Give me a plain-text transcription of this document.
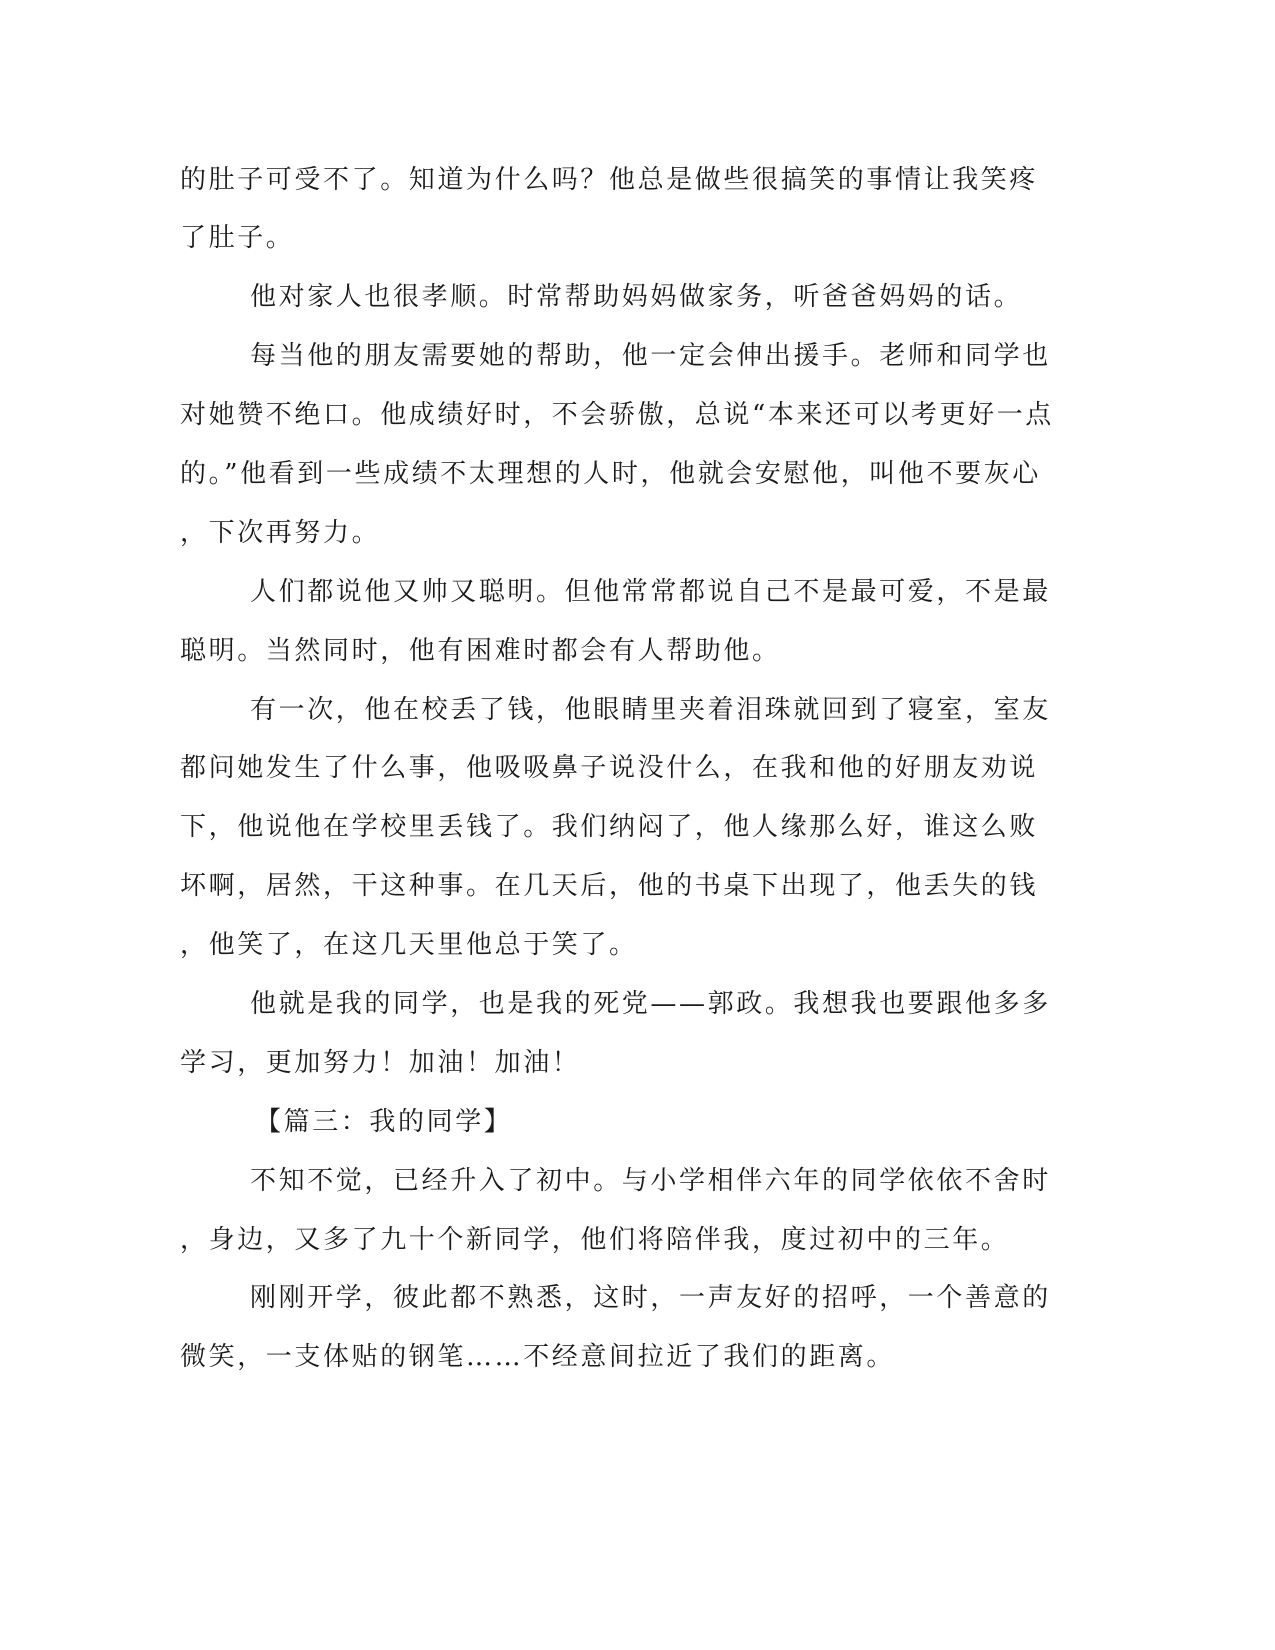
的肚子可受不了。知道为什么吗？他总是做些很搞笑的事情让我笑疼
了肚子。
他对家人也很孝顺。时常帮助妈妈做家务，听爸爸妈妈的话。
每当他的朋友需要她的帮助，他一定会伸出援手。老师和同学也
对她赞不绝口。他成绩好时，不会骄傲，总说“本来还可以考更好一点
的。”他看到一些成绩不太理想的人时，他就会安慰他，叫他不要灰心
，下次再努力。
人们都说他又帅又聪明。但他常常都说自己不是最可爱，不是最
聪明。当然同时，他有困难时都会有人帮助他。
有一次，他在校丢了钱，他眼睛里夹着泪珠就回到了寝室，室友
都问她发生了什么事，他吸吸鼻子说没什么，在我和他的好朋友劝说
下，他说他在学校里丢钱了。我们纳闷了，他人缘那么好，谁这么败
坏啊，居然，干这种事。在几天后，他的书桌下出现了，他丢失的钱
，他笑了，在这几天里他总于笑了。
他就是我的同学，也是我的死党——郭政。我想我也要跟他多多
学习，更加努力！加油！加油！
【篇三：我的同学】
不知不觉，已经升入了初中。与小学相伴六年的同学依依不舍时
，身边，又多了九十个新同学，他们将陪伴我，度过初中的三年。
刚刚开学，彼此都不熟悉，这时，一声友好的招呼，一个善意的
微笑，一支体贴的钢笔……不经意间拉近了我们的距离。
